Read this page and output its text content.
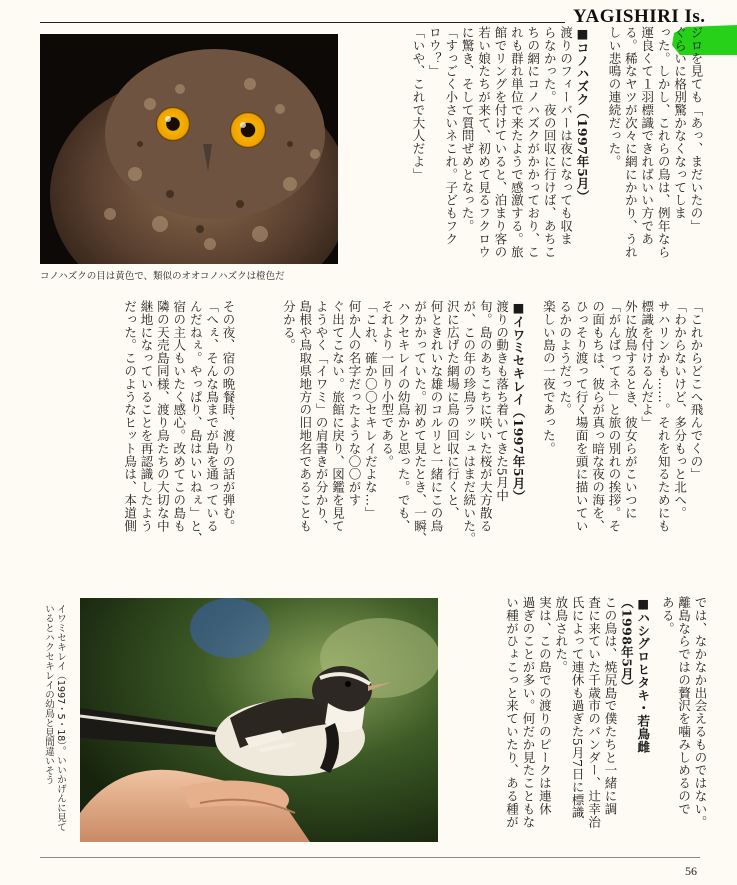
YAGISHIRI Is.
コノハズクの目は黄色で、類似のオオコノハズクは橙色だ
イワミセキレイ（1997・5・18）。いいかげんに見ているとハクセキレイの幼鳥と見間違いそう
ジロを見ても「あっ、まだいたの」
ぐらいに格別驚かなくなってしま
った。しかし、これらの鳥は、例年なら
運良くて１羽標識できればいい方であ
る。稀なヤツが次々に網にかかり、うれ
しい悲鳴の連続だった。
■コノハズク（1997年5月）
渡りのフィーバーは夜になっても収ま
らなかった。夜の回収に行けば、あちこ
ちの網にコノハズクがかかっており、こ
れも群れ単位で来たようで感激する。旅
館でリングを付けていると、泊まり客の
若い娘たちが来て、初めて見るフクロウ
に驚き、そして質問ぜめとなった。
「すっごく小さいネこれ。子どもフク
ロウ？」
「いや、これで大人だよ」
「これからどこへ飛んでくの」
「わからないけど、多分もっと北へ。
サハリンかも……。それを知るためにも
標識を付けるんだよ」
外に放鳥するとき、彼女らがこいつに
「がんばってネ」と旅の別れの挨拶。そ
の面もちは、彼らが真っ暗な夜の海を、
ひっそり渡って行く場面を頭に描いてい
るかのようだった。
楽しい島の一夜であった。
■イワミセキレイ（1997年5月）
渡りの動きも落ち着いてきた5月中
旬。島のあちこちに咲いた桜が大方散る
が、この年の珍鳥ラッシュはまだ続いた。
沢に広げた網場に鳥の回収に行くと、
何ときれいな雄のコルリと一緒にこの鳥
がかかっていた。初めて見たとき、一瞬、
ハクセキレイの幼鳥かと思った。でも、
それより一回り小型である。
「これ、確か〇〇セキレイだよな…」
何か人の名字だったような〇〇がす
ぐ出てこない。旅館に戻り、図鑑を見て
ようやく「イワミ」の肩書きが分かり、
島根や鳥取県地方の旧地名であることも
分かる。
その夜、宿の晩餐時、渡りの話が弾む。
「へぇ、そんな鳥までが島を通っている
んだねぇ。やっぱり、島はいいねぇ」と、
宿の主人もいたく感心。改めてこの島も
隣の天売島同様、渡り鳥たちの大切な中
継地になっていることを再認識したよう
だった。このようなヒット鳥は、本道側
では、なかなか出会えるものではない。
離島ならではの贅沢を噛みしめるので
ある。
■ハシグロヒタキ・若鳥雌
（1998年5月）
この鳥は、焼尻島で僕たちと一緒に調
査に来ていた千歳市のバンダー、辻幸治
氏によって連休も過ぎた5月7日に標識
放鳥された。
実は、この島での渡りのピークは連休
過ぎのことが多い。何だか見たこともな
い種がひょこっと来ていたり、ある種が
56
